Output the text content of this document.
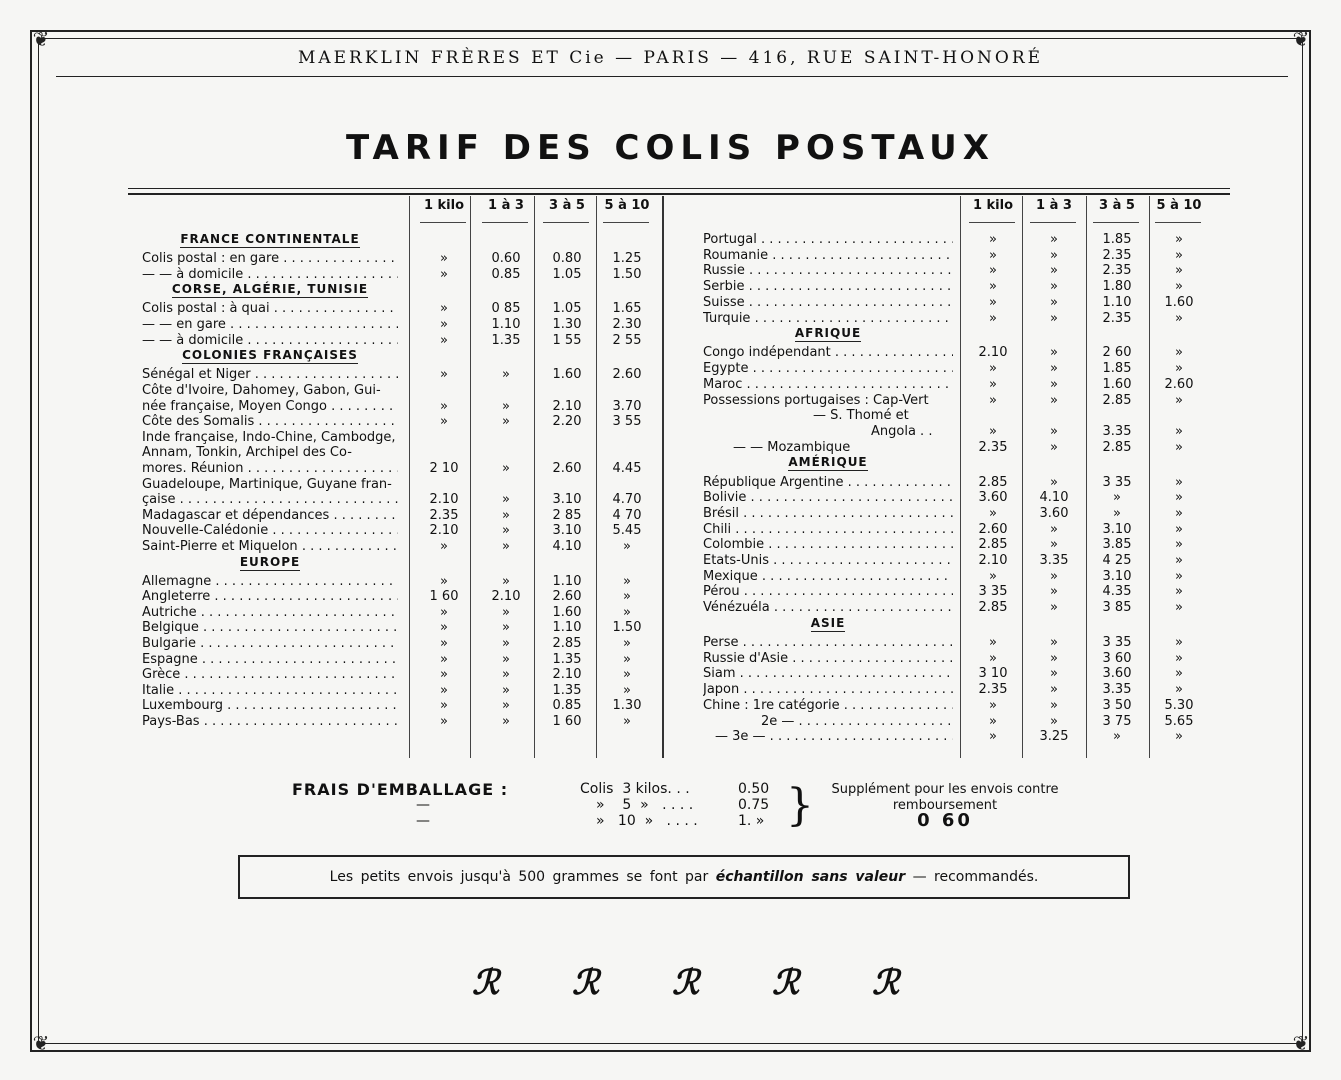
❦	❦
❦	❦
MAERKLIN FRÈRES ET Cie — PARIS — 416, RUE SAINT-HONORÉ
TARIF DES COLIS POSTAUX
1 kilo	1 à 3	3 à 5	5 à 10
FRANCE CONTINENTALE
Colis postal : en gare . . .	»	0.60	0.80	1.25
— — à domicile . . .	»	0.85	1.05	1.50
CORSE, ALGÉRIE, TUNISIE
Colis postal : à quai . . .	»	0 85	1.05	1.65
— — en gare . . .	»	1.10	1.30	2.30
— — à domicile . . .	»	1.35	1 55	2 55
COLONIES FRANÇAISES
Sénégal et Niger . . .	»	»	1.60	2.60
Côte d'Ivoire, Dahomey, Gabon, Gui-
née française, Moyen Congo . . .	»	»	2.10	3.70
Côte des Somalis . . .	»	»	2.20	3 55
Inde française, Indo-Chine, Cambodge,
Annam, Tonkin, Archipel des Co-
mores. Réunion . . .	2 10	»	2.60	4.45
Guadeloupe, Martinique, Guyane fran-
çaise . . .	2.10	»	3.10	4.70
Madagascar et dépendances . . .	2.35	»	2 85	4 70
Nouvelle-Calédonie . . .	2.10	»	3.10	5.45
Saint-Pierre et Miquelon . . .	»	»	4.10	»
EUROPE
Allemagne . . .	»	»	1.10	»
Angleterre . . .	1 60	2.10	2.60	»
Autriche . . .	»	»	1.60	»
Belgique . . .	»	»	1.10	1.50
Bulgarie . . .	»	»	2.85	»
Espagne . . .	»	»	1.35	»
Grèce . . .	»	»	2.10	»
Italie . . .	»	»	1.35	»
Luxembourg . . .	»	»	0.85	1.30
Pays-Bas . . .	»	»	1 60	»
1 kilo	1 à 3	3 à 5	5 à 10
Portugal . . .	»	»	1.85	»
Roumanie . . .	»	»	2.35	»
Russie . . .	»	»	2.35	»
Serbie . . .	»	»	1.80	»
Suisse . . .	»	»	1.10	1.60
Turquie . . .	»	»	2.35	»
AFRIQUE
Congo indépendant . . .	2.10	»	2 60	»
Egypte . . .	»	»	1.85	»
Maroc . . .	»	»	1.60	2.60
Possessions portugaises : Cap-Vert	»	»	2.85	»
— S. Thomé et
Angola . .	»	»	3.35	»
— — Mozambique	2.35	»	2.85	»
AMÉRIQUE
République Argentine . . .	2.85	»	3 35	»
Bolivie . . .	3.60	4.10	»	»
Brésil . . .	»	3.60	»	»
Chili . . .	2.60	»	3.10	»
Colombie . . .	2.85	»	3.85	»
Etats-Unis . . .	2.10	3.35	4 25	»
Mexique . . .	»	»	3.10	»
Pérou . . .	3 35	»	4.35	»
Vénézuéla . . .	2.85	»	3 85	»
ASIE
Perse . . .	»	»	3 35	»
Russie d'Asie . . .	»	»	3 60	»
Siam . . .	3 10	»	3.60	»
Japon . . .	2.35	»	3.35	»
Chine : 1re catégorie . . .	»	»	3 50	5.30
2e — . . .	»	»	3 75	5.65
— 3e — . . .	»	3.25	»	»
FRAIS D'EMBALLAGE :	Colis  3 kilos. . .	0.50
—	»    5  »   . . . .	0.75
—	»   10  »   . . . .	1. » }	Supplément pour les envois contre remboursement
0 60
Les petits envois jusqu'à 500 grammes se font par échantillon sans valeur — recommandés.
ℛ ℛ ℛ ℛ ℛ
